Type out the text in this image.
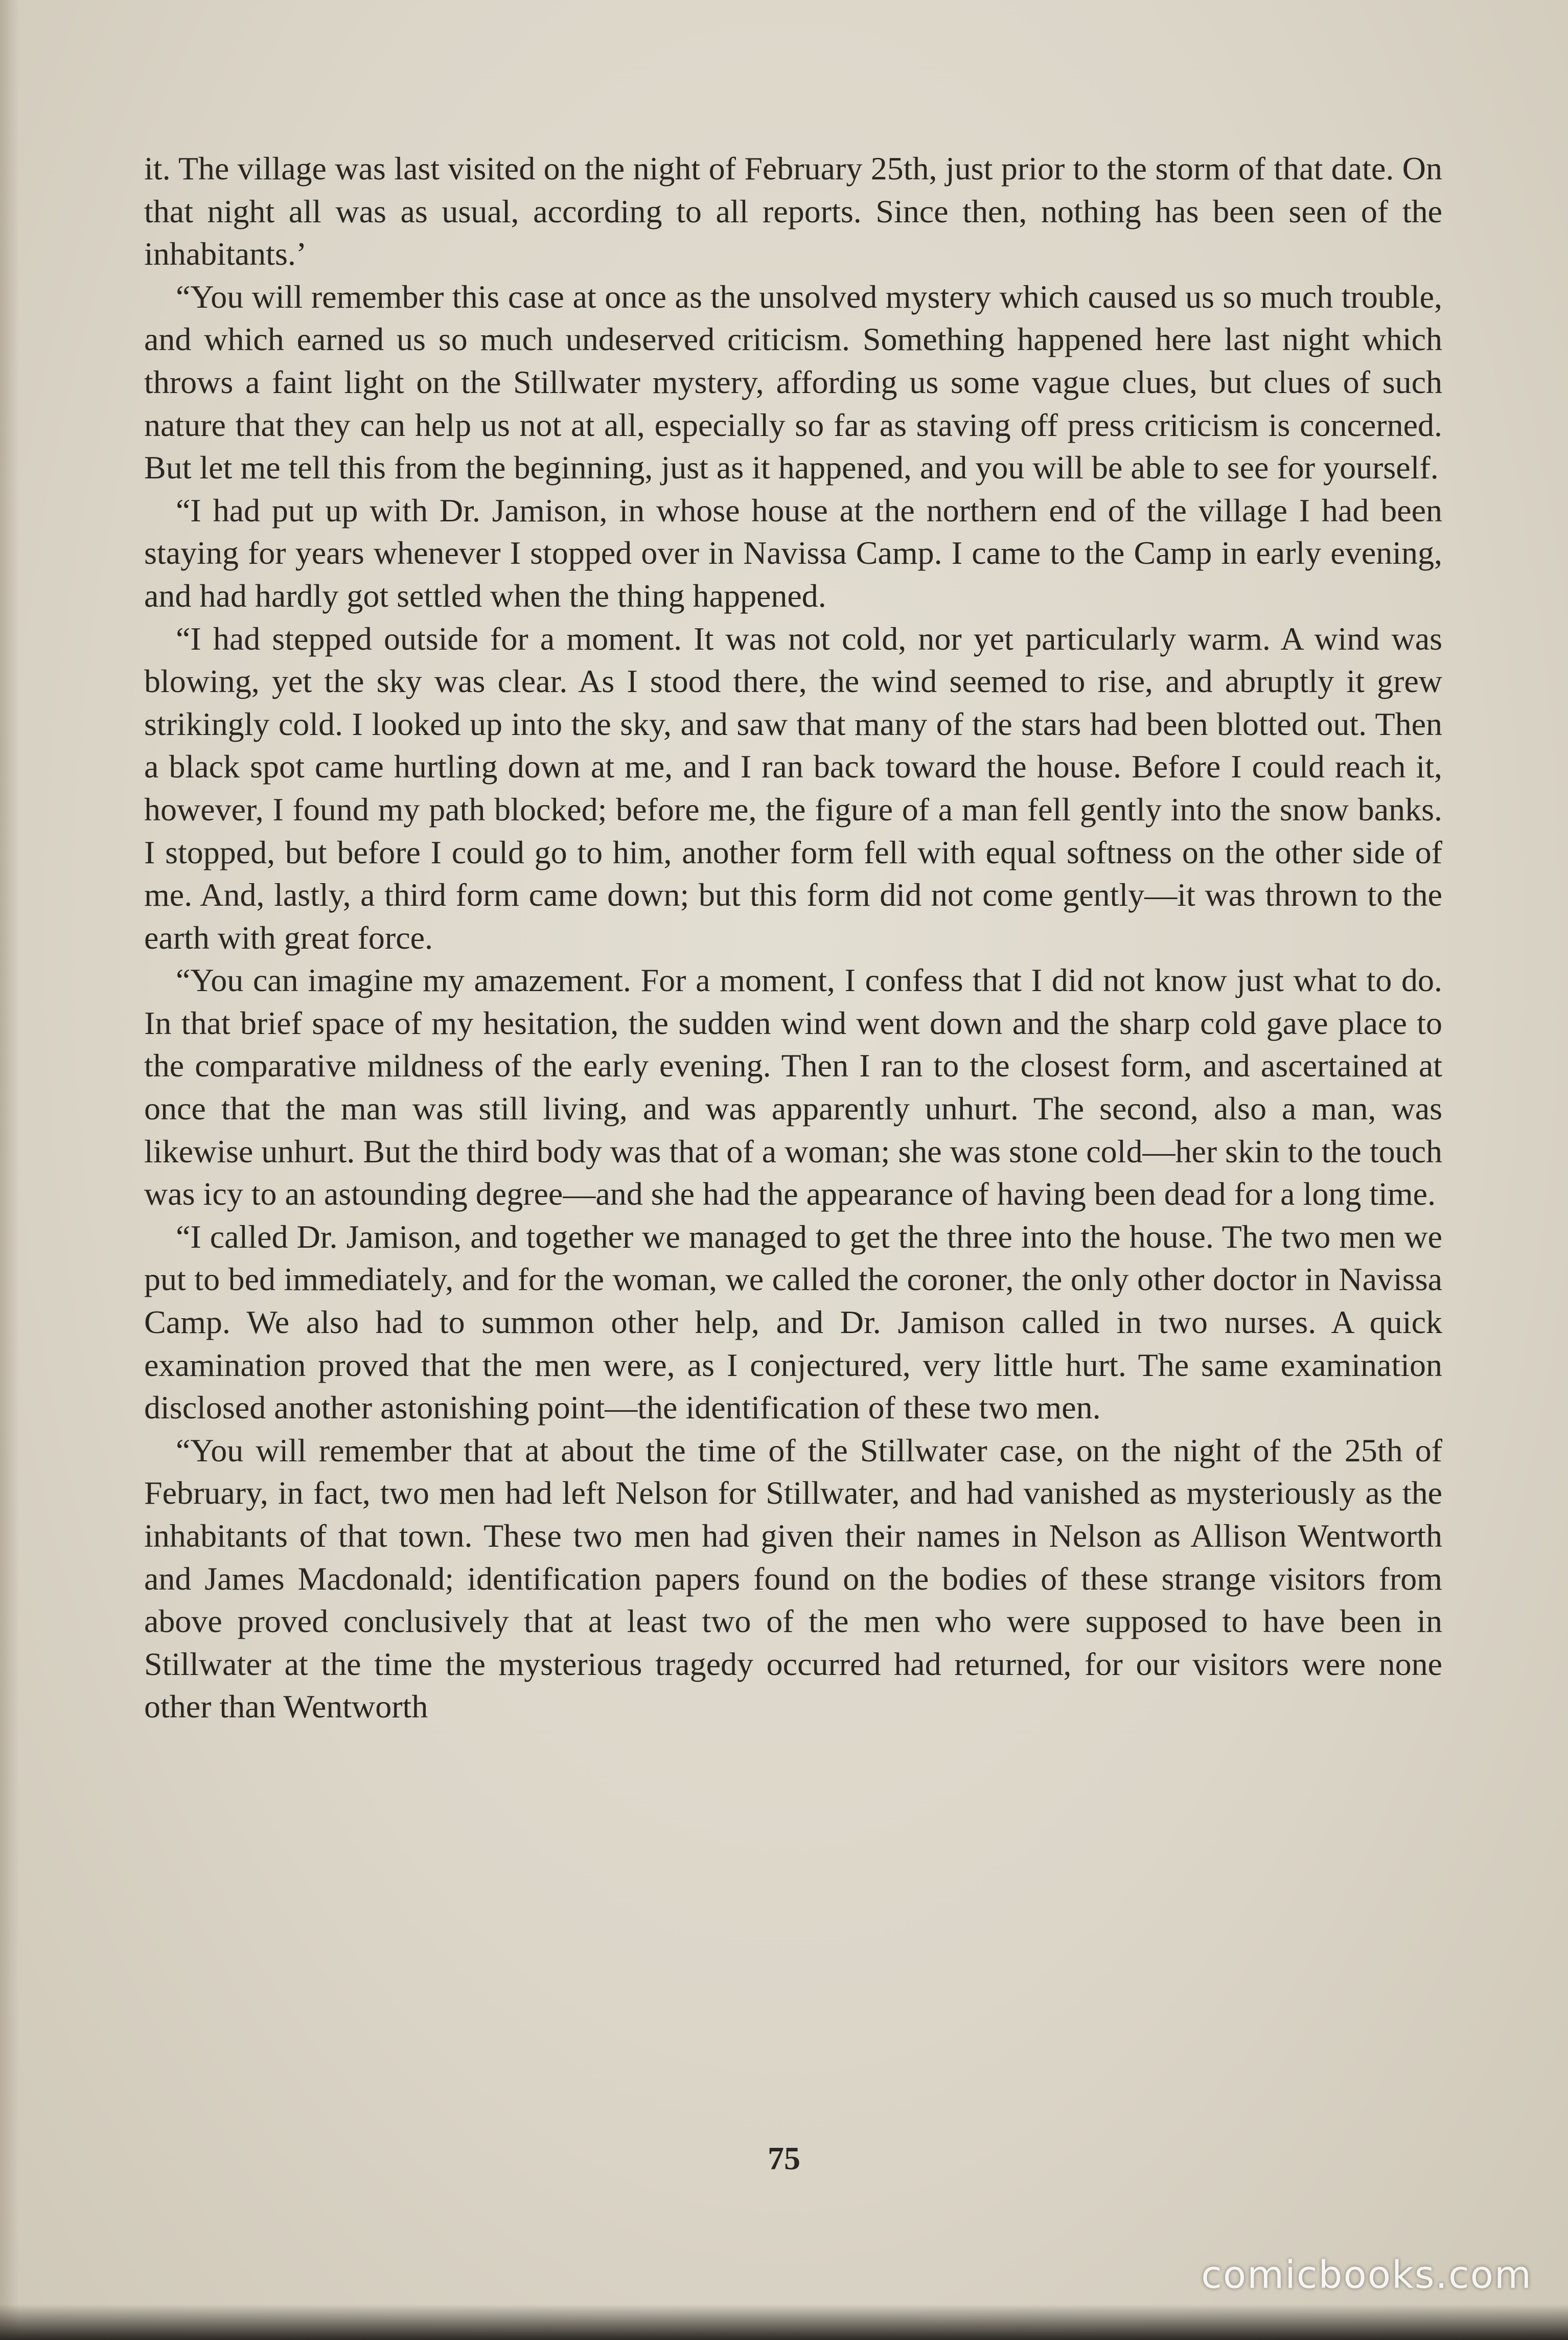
it. The village was last visited on the night of February 25th, just prior to the storm of that date. On that night all was as usual, according to all reports. Since then, nothing has been seen of the inhabitants.’

“You will remember this case at once as the unsolved mystery which caused us so much trouble, and which earned us so much undeserved criticism. Something happened here last night which throws a faint light on the Stillwater mystery, affording us some vague clues, but clues of such nature that they can help us not at all, especially so far as staving off press criticism is concerned. But let me tell this from the beginning, just as it happened, and you will be able to see for yourself.

“I had put up with Dr. Jamison, in whose house at the northern end of the village I had been staying for years whenever I stopped over in Navissa Camp. I came to the Camp in early evening, and had hardly got settled when the thing happened.

“I had stepped outside for a moment. It was not cold, nor yet particularly warm. A wind was blowing, yet the sky was clear. As I stood there, the wind seemed to rise, and abruptly it grew strikingly cold. I looked up into the sky, and saw that many of the stars had been blotted out. Then a black spot came hurtling down at me, and I ran back toward the house. Before I could reach it, however, I found my path blocked; before me, the figure of a man fell gently into the snow banks. I stopped, but before I could go to him, another form fell with equal softness on the other side of me. And, lastly, a third form came down; but this form did not come gently—it was thrown to the earth with great force.

“You can imagine my amazement. For a moment, I confess that I did not know just what to do. In that brief space of my hesitation, the sudden wind went down and the sharp cold gave place to the comparative mildness of the early evening. Then I ran to the closest form, and ascertained at once that the man was still living, and was apparently unhurt. The second, also a man, was likewise unhurt. But the third body was that of a woman; she was stone cold—her skin to the touch was icy to an astounding degree—and she had the appearance of having been dead for a long time.

“I called Dr. Jamison, and together we managed to get the three into the house. The two men we put to bed immediately, and for the woman, we called the coroner, the only other doctor in Navissa Camp. We also had to summon other help, and Dr. Jamison called in two nurses. A quick examination proved that the men were, as I conjectured, very little hurt. The same examination disclosed another astonishing point—the identification of these two men.

“You will remember that at about the time of the Stillwater case, on the night of the 25th of February, in fact, two men had left Nelson for Stillwater, and had vanished as mysteriously as the inhabitants of that town. These two men had given their names in Nelson as Allison Wentworth and James Macdonald; identification papers found on the bodies of these strange visitors from above proved conclusively that at least two of the men who were supposed to have been in Stillwater at the time the mysterious tragedy occurred had returned, for our visitors were none other than Wentworth

75
comicbooks.com
